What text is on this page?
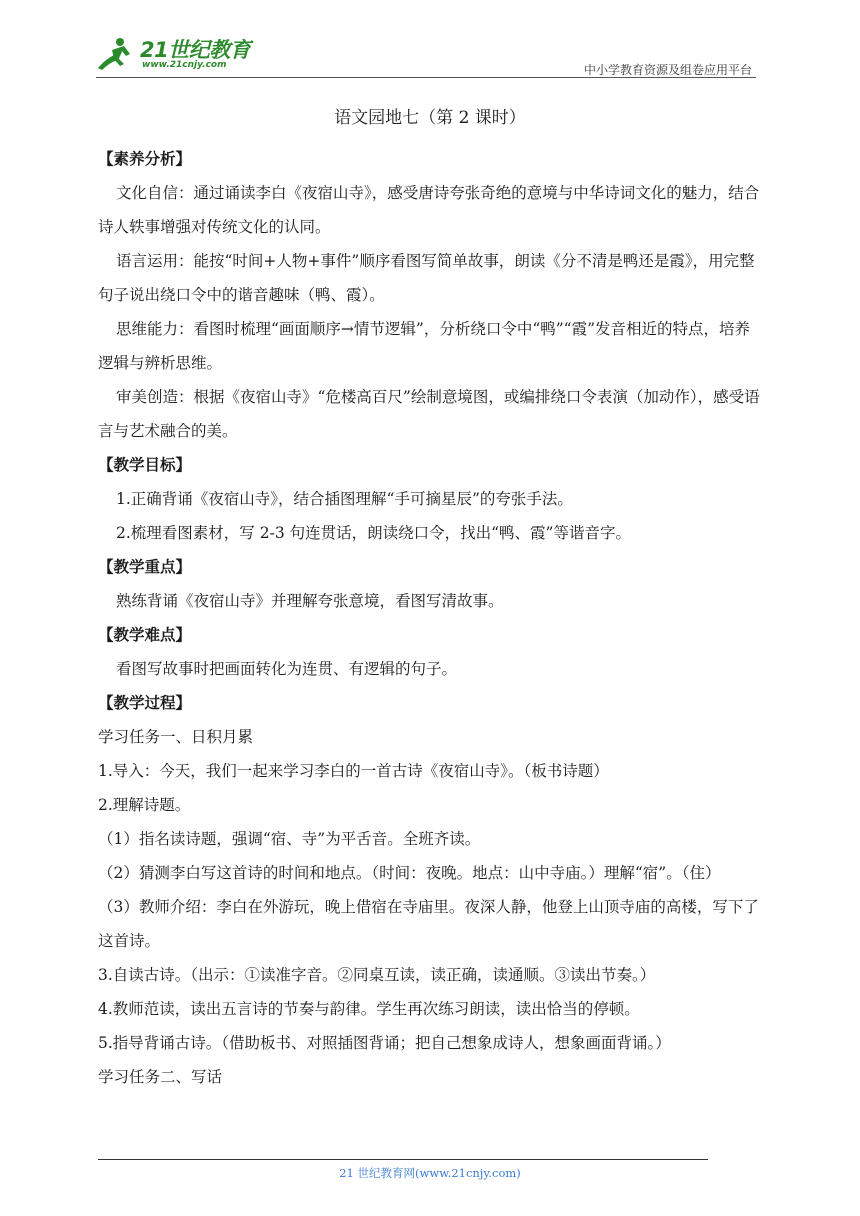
21世纪教育
www.21cnjy.com	中小学教育资源及组卷应用平台
语文园地七（第 2 课时）

【素养分析】

文化自信：通过诵读李白《夜宿山寺》，感受唐诗夸张奇绝的意境与中华诗词文化的魅力，结合诗人轶事增强对传统文化的认同。

语言运用：能按“时间+人物+事件”顺序看图写简单故事，朗读《分不清是鸭还是霞》，用完整句子说出绕口令中的谐音趣味（鸭、霞）。

思维能力：看图时梳理“画面顺序→情节逻辑”，分析绕口令中“鸭”“霞”发音相近的特点，培养逻辑与辨析思维。

审美创造：根据《夜宿山寺》“危楼高百尺”绘制意境图，或编排绕口令表演（加动作），感受语言与艺术融合的美。

【教学目标】

1.正确背诵《夜宿山寺》，结合插图理解“手可摘星辰”的夸张手法。

2.梳理看图素材，写 2-3 句连贯话，朗读绕口令，找出“鸭、霞”等谐音字。

【教学重点】

熟练背诵《夜宿山寺》并理解夸张意境，看图写清故事。

【教学难点】

看图写故事时把画面转化为连贯、有逻辑的句子。

【教学过程】

学习任务一、日积月累

1.导入：今天，我们一起来学习李白的一首古诗《夜宿山寺》。（板书诗题）

2.理解诗题。

（1）指名读诗题，强调“宿、寺”为平舌音。全班齐读。

（2）猜测李白写这首诗的时间和地点。（时间：夜晚。地点：山中寺庙。）理解“宿”。（住）

（3）教师介绍：李白在外游玩，晚上借宿在寺庙里。夜深人静，他登上山顶寺庙的高楼，写下了这首诗。

3.自读古诗。（出示：①读准字音。②同桌互读，读正确，读通顺。③读出节奏。）

4.教师范读，读出五言诗的节奏与韵律。学生再次练习朗读，读出恰当的停顿。

5.指导背诵古诗。（借助板书、对照插图背诵；把自己想象成诗人，想象画面背诵。）

学习任务二、写话

21 世纪教育网(www.21cnjy.com)
